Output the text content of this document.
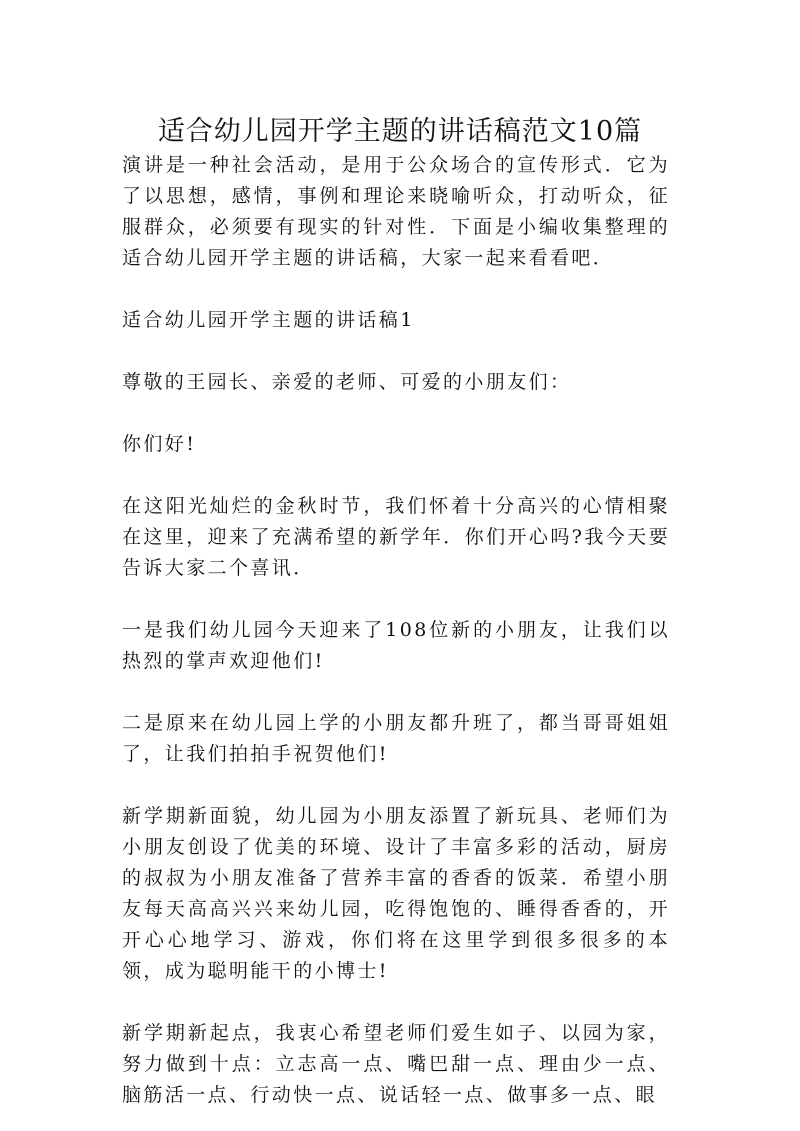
适合幼儿园开学主题的讲话稿范文10篇

演讲是一种社会活动，是用于公众场合的宣传形式．它为了以思想，感情，事例和理论来晓喻听众，打动听众，征服群众，必须要有现实的针对性．下面是小编收集整理的适合幼儿园开学主题的讲话稿，大家一起来看看吧．

适合幼儿园开学主题的讲话稿1

尊敬的王园长、亲爱的老师、可爱的小朋友们：

你们好!

在这阳光灿烂的金秋时节，我们怀着十分高兴的心情相聚在这里，迎来了充满希望的新学年．你们开心吗?我今天要告诉大家二个喜讯．

一是我们幼儿园今天迎来了108位新的小朋友，让我们以热烈的掌声欢迎他们!

二是原来在幼儿园上学的小朋友都升班了，都当哥哥姐姐了，让我们拍拍手祝贺他们!

新学期新面貌，幼儿园为小朋友添置了新玩具、老师们为小朋友创设了优美的环境、设计了丰富多彩的活动，厨房的叔叔为小朋友准备了营养丰富的香香的饭菜．希望小朋友每天高高兴兴来幼儿园，吃得饱饱的、睡得香香的，开开心心地学习、游戏，你们将在这里学到很多很多的本领，成为聪明能干的小博士!

新学期新起点，我衷心希望老师们爱生如子、以园为家，努力做到十点：立志高一点、嘴巴甜一点、理由少一点、脑筋活一点、行动快一点、说话轻一点、做事多一点、眼
